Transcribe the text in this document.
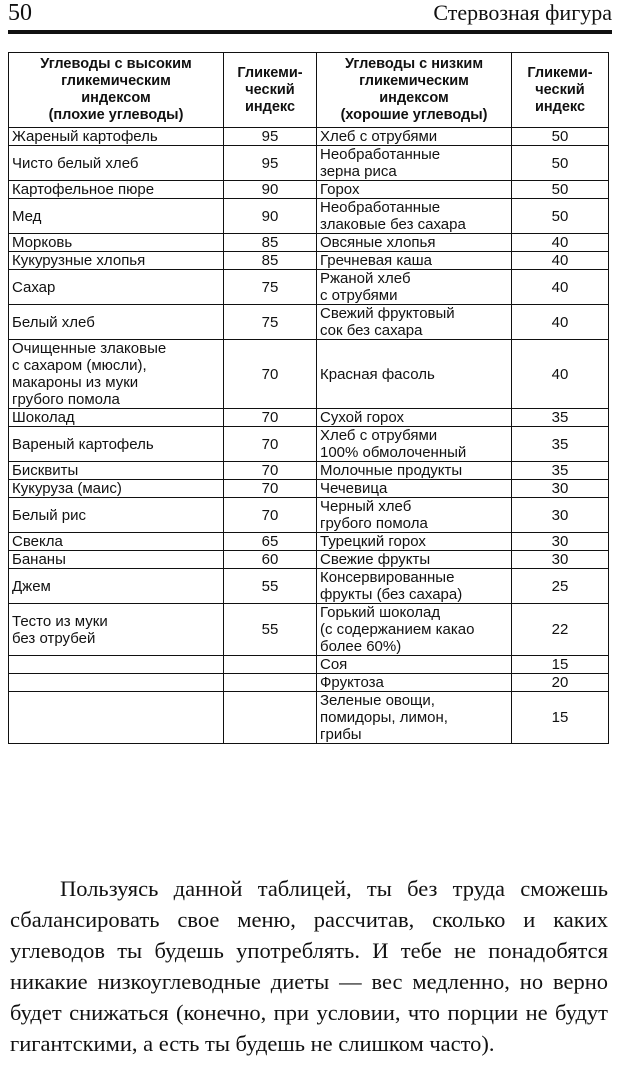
50	Стервозная фигура
Углеводы с высоким
гликемическим
индексом
(плохие углеводы)	Гликеми-
ческий
индекс	Углеводы с низким
гликемическим
индексом
(хорошие углеводы)	Гликеми-
ческий
индекс

Жареный картофель	95	Хлеб с отрубями	50

Чисто белый хлеб	95	Необработанные
зерна риса	50

Картофельное пюре	90	Горох	50

Мед	90	Необработанные
злаковые без сахара	50

Морковь	85	Овсяные хлопья	40

Кукурузные хлопья	85	Гречневая каша	40

Сахар	75	Ржаной хлеб
с отрубями	40

Белый хлеб	75	Свежий фруктовый
сок без сахара	40

Очищенные злаковые
с сахаром (мюсли),
макароны из муки
грубого помола	70	Красная фасоль	40

Шоколад	70	Сухой горох	35

Вареный картофель	70	Хлеб с отрубями
100% обмолоченный	35

Бисквиты	70	Молочные продукты	35

Кукуруза (маис)	70	Чечевица	30

Белый рис	70	Черный хлеб
грубого помола	30

Свекла	65	Турецкий горох	30

Бананы	60	Свежие фрукты	30

Джем	55	Консервированные
фрукты (без сахара)	25

Тесто из муки
без отрубей	55	Горький шоколад
(с содержанием какао
более 60%)	22

		Соя	15

		Фруктоза	20

		Зеленые овощи,
помидоры, лимон,
грибы	15

Пользуясь данной таблицей, ты без труда сможешь сбалансировать свое меню, рассчитав, сколько и каких углеводов ты будешь употреблять. И тебе не понадобятся никакие низкоуглеводные диеты — вес медленно, но верно будет снижаться (конечно, при условии, что порции не будут гигантскими, а есть ты будешь не слишком часто).
